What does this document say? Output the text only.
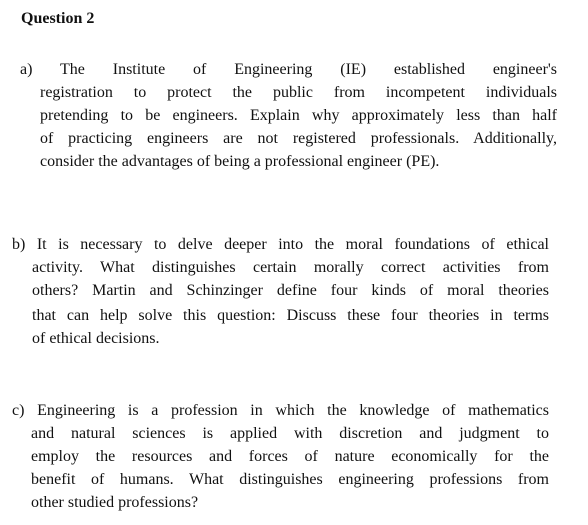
Question 2
a) The Institute of Engineering (IE) established engineer's
registration to protect the public from incompetent individuals
pretending to be engineers. Explain why approximately less than half
of practicing engineers are not registered professionals. Additionally,
consider the advantages of being a professional engineer (PE).
b) It is necessary to delve deeper into the moral foundations of ethical
activity. What distinguishes certain morally correct activities from
others? Martin and Schinzinger define four kinds of moral theories
that can help solve this question: Discuss these four theories in terms
of ethical decisions.
c) Engineering is a profession in which the knowledge of mathematics
and natural sciences is applied with discretion and judgment to
employ the resources and forces of nature economically for the
benefit of humans. What distinguishes engineering professions from
other studied professions?
